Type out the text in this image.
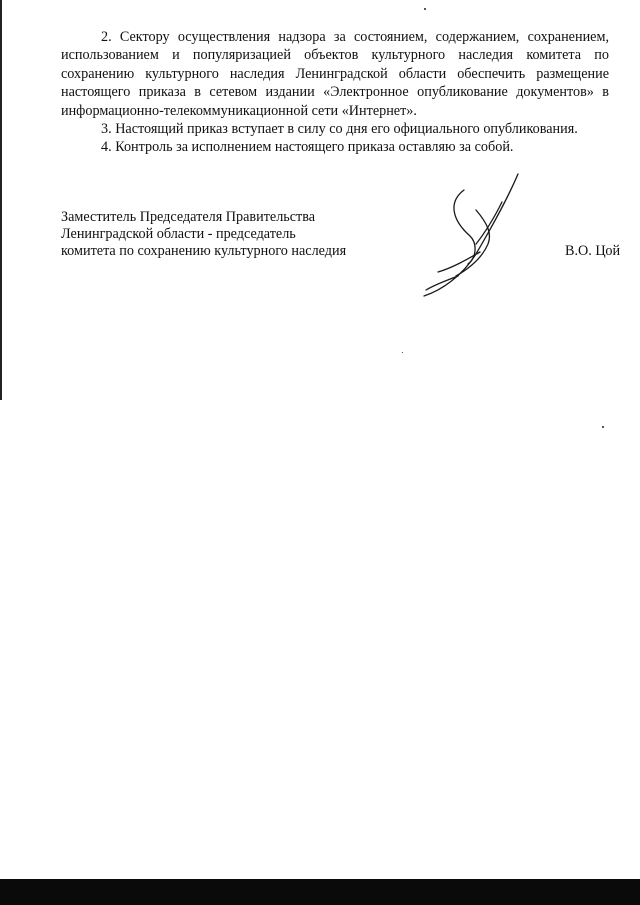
2. Сектору осуществления надзора за состоянием, содержанием, сохранением, использованием и популяризацией объектов культурного наследия комитета по сохранению культурного наследия Ленинградской области обеспечить размещение настоящего приказа в сетевом издании «Электронное опубликование документов» в информационно-телекоммуникационной сети «Интернет».

3. Настоящий приказ вступает в силу со дня его официального опубликования.

4. Контроль за исполнением настоящего приказа оставляю за собой.

Заместитель Председателя Правительства
Ленинградской области - председатель
комитета по сохранению культурного наследия	В.О. Цой
